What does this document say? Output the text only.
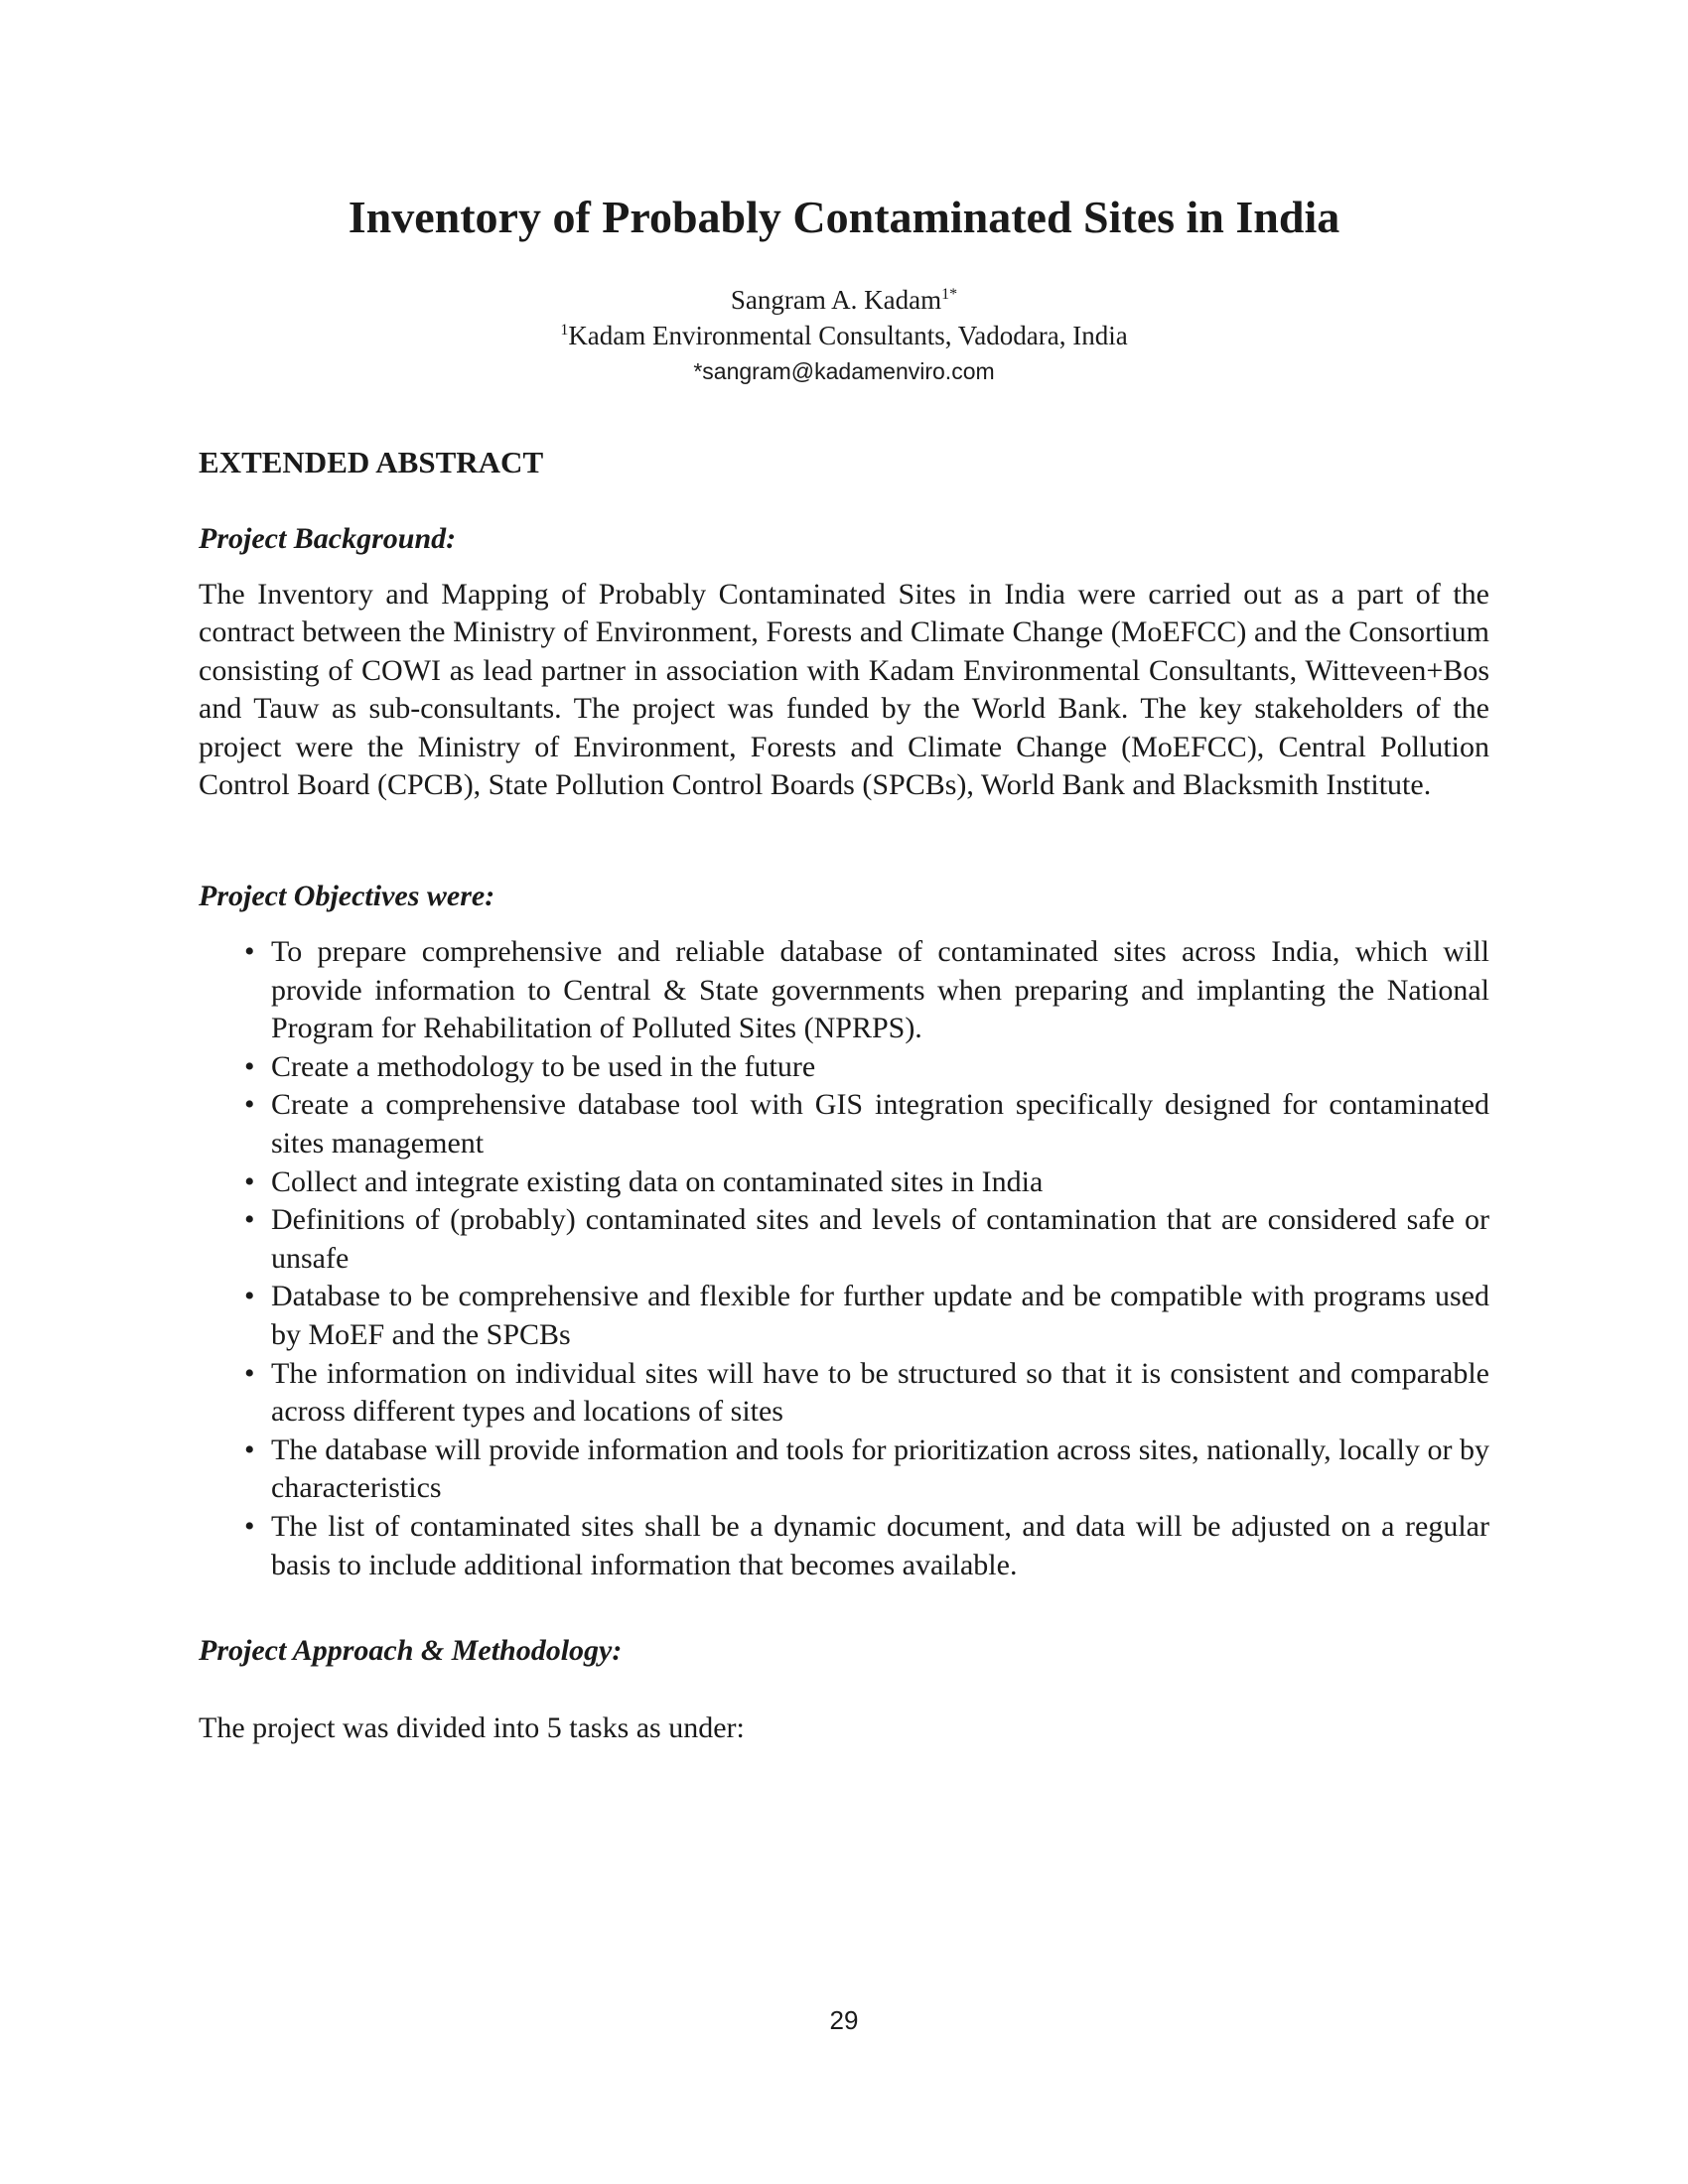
Inventory of Probably Contaminated Sites in India
Sangram A. Kadam$^{1*}$
$^1$Kadam Environmental Consultants, Vadodara, India
*sangram@kadamenviro.com
EXTENDED ABSTRACT
Project Background:

The Inventory and Mapping of Probably Contaminated Sites in India were carried out as a part of the contract between the Ministry of Environment, Forests and Climate Change (MoEFCC) and the Consortium consisting of COWI as lead partner in association with Kadam Environmental Consultants, Witteveen+Bos and Tauw as sub-consultants. The project was funded by the World Bank. The key stakeholders of the project were the Ministry of Environment, Forests and Climate Change (MoEFCC), Central Pollution Control Board (CPCB), State Pollution Control Boards (SPCBs), World Bank and Blacksmith Institute.

Project Objectives were:
• To prepare comprehensive and reliable database of contaminated sites across India, which will provide information to Central & State governments when preparing and implanting the National Program for Rehabilitation of Polluted Sites (NPRPS).
• Create a methodology to be used in the future
• Create a comprehensive database tool with GIS integration specifically designed for contaminated sites management
• Collect and integrate existing data on contaminated sites in India
• Definitions of (probably) contaminated sites and levels of contamination that are considered safe or unsafe
• Database to be comprehensive and flexible for further update and be compatible with programs used by MoEF and the SPCBs
• The information on individual sites will have to be structured so that it is consistent and comparable across different types and locations of sites
• The database will provide information and tools for prioritization across sites, nationally, locally or by characteristics
• The list of contaminated sites shall be a dynamic document, and data will be adjusted on a regular basis to include additional information that becomes available.
Project Approach & Methodology:

The project was divided into 5 tasks as under:

29
